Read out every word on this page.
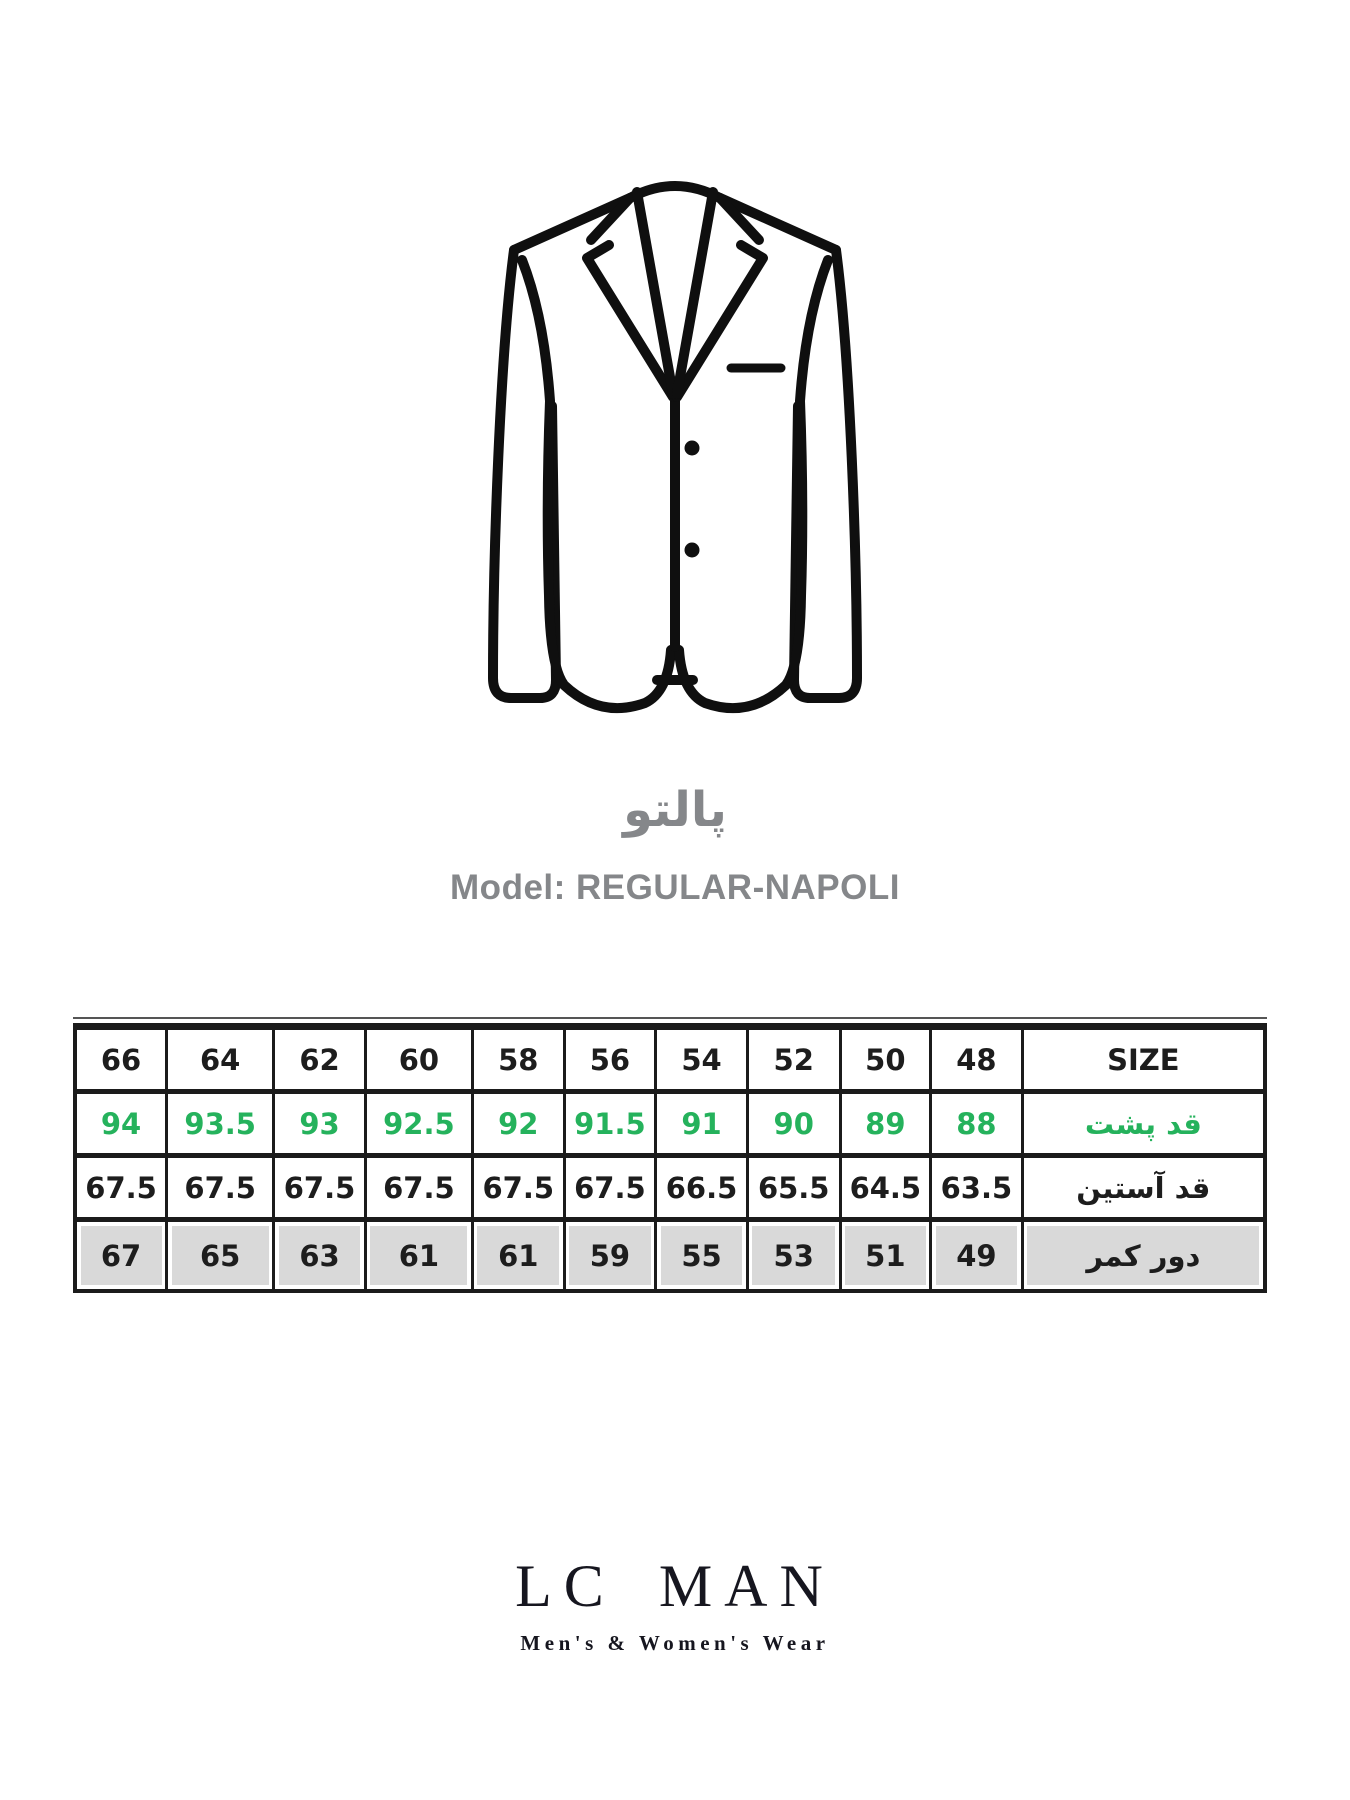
پالتو
Model: REGULAR-NAPOLI
66	64	62	60	58	56	54	52	50	48	SIZE
94	93.5	93	92.5	92	91.5	91	90	89	88	قد پشت
67.5	67.5	67.5	67.5	67.5	67.5	66.5	65.5	64.5	63.5	قد آستین
67	65	63	61	61	59	55	53	51	49	دور کمر
LC MAN
Men's & Women's Wear
